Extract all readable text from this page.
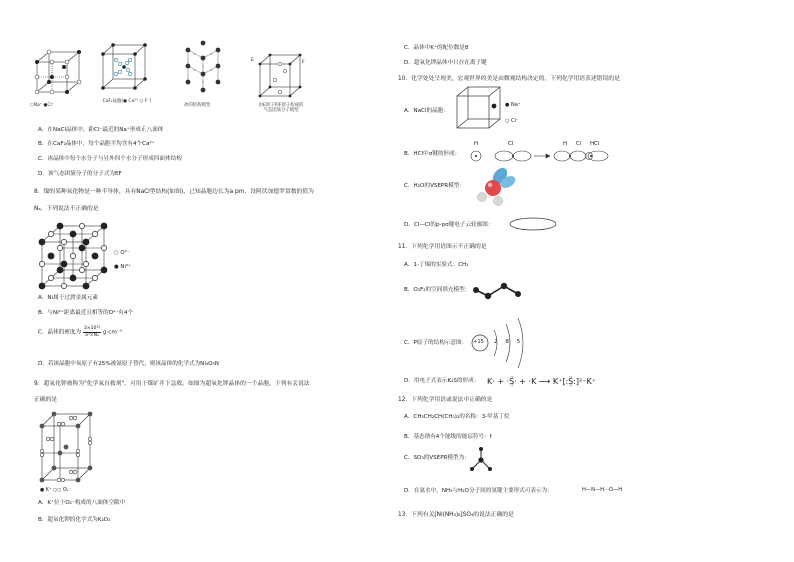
○Na⁺ ●Cl⁻
CaF₂晶胞(● Ca²⁺ ○ F⁻)
冰的结构模型
E	F
由E原子和F原子构成的气态团簇分子模型
A．在NaCl晶体中，距Cl⁻最近的Na⁺形成正八面体
B．在CaF₂晶体中，每个晶胞平均含有4个Ca²⁺
C．冰晶体中每个水分子与另外四个水分子形成四面体结构
D．该气态团簇分子的分子式为EF
8．镍的某种氧化物是一种半导体，具有NaCl型结构(如图)，已知晶胞边长为a pm，设阿伏加德罗常数的值为
Nₐ，下列说法不正确的是
○ O²⁻
● Ni²⁺
A．Ni属于过渡金属元素
B．与Ni²⁺距离最近且相等的O²⁻有4个
C．晶体的密度为 $\frac{\text{3×10³²}}{\text{a³×Nₐ}} g\cdot cm^{-3}$
D．若该晶胞中氧原子有25%被氮原子替代，则该晶体的化学式为Ni₄O₃N
9．超氧化钾被称为"化学氧自救剂"，可用于煤矿井下急救。如图为超氧化钾晶体的一个晶胞。下列有关说法
正确的是
● K⁺ ○○ O₂⁻
A．K⁺位于O₂⁻构成的八面体空隙中
B．超氧化钾的化学式为K₂O₂
C．晶体中K⁺的配位数是8
D．超氧化钾晶体中只存在离子键
10．化学处处呈现美，宏观世界的美是由微观结构决定的，下列化学用语表述错误的是
A．NaCl的晶胞：
● Na⁺
○ Cl⁻
B．HCl中σ键的形成：
H	Cl	H Cl HCl
C．H₂O的VSEPR模型：
D．Cl—Cl的p-pσ键电子云轮廓图：
11．下列化学用语图示不正确的是
A．1-丁烯的实验式：CH₂
B．O₂F₂的空间填充模型：
C．P原子的结构示意图： +15 2 8 5
D．用电子式表示K₂S的形成： K· + ·S̤̈· + ·K ⟶ K⁺[:S̤̈:]²⁻K⁺
12．下列化学用语或说法中正确的是
A．CH₃CH₂CH(CH₃)₂的名称：3-甲基丁烷
B．基态钠有4个能级的能层符号：f
C．SO₃的VSEPR模型为：
D．在氨水中，NH₃与H₂O分子间的氢键主要形式可表示为：	H—N—H···O—H
13．下列有关[Ni(NH₃)₆]SO₄的说法正确的是
